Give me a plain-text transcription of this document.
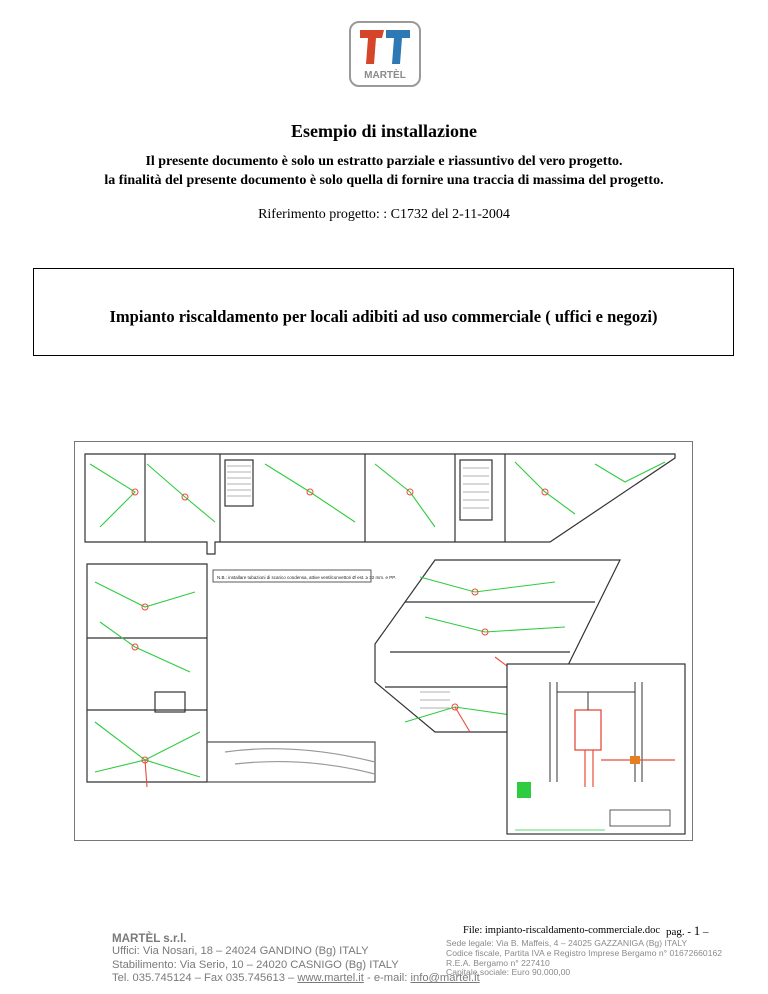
MARTÈL
Esempio di installazione
Il presente documento è solo un estratto parziale e riassuntivo del vero progetto.
la finalità del presente documento è solo quella di fornire una traccia di massima del progetto.
Riferimento progetto: : C1732 del 2-11-2004
Impianto riscaldamento per locali adibiti ad uso commerciale ( uffici e negozi)
N.B.: installare tubazioni di scarico condensa, attive ventilconvettori Ø est. ≥ 32 mm. e PP.
File: impianto-riscaldamento-commerciale.doc pag. - 1 –
MARTÈL s.r.l.
Uffici: Via Nosari, 18 – 24024 GANDINO (Bg) ITALY
Stabilimento: Via Serio, 10 – 24020 CASNIGO (Bg) ITALY
Tel. 035.745124 – Fax 035.745613 – www.martel.it - e-mail: info@martel.it
Sede legale: Via B. Maffeis, 4 – 24025 GAZZANIGA (Bg) ITALY
Codice fiscale, Partita IVA e Registro Imprese Bergamo n° 01672660162
R.E.A. Bergamo n° 227410
Capitale sociale: Euro 90.000,00
